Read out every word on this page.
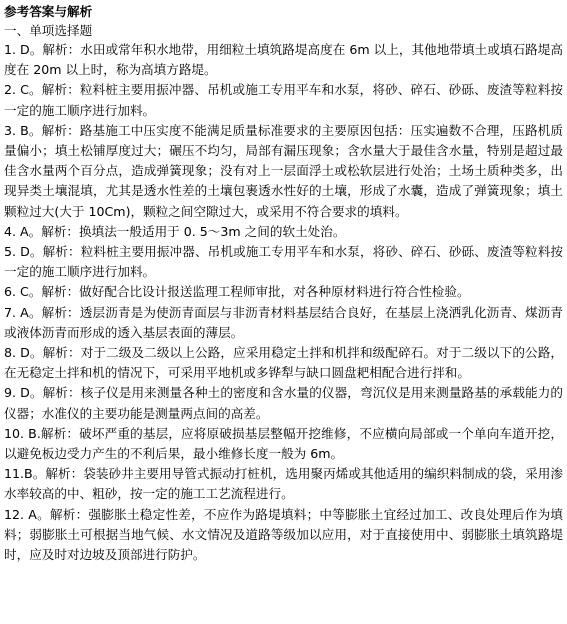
参考答案与解析
一、单项选择题

1. D。解析：水田或常年积水地带，用细粒土填筑路堤高度在 6m 以上，其他地带填土或填石路堤高度在 20m 以上时，称为高填方路堤。

2. C。解析：粒料桩主要用振冲器、吊机或施工专用平车和水泵，将砂、碎石、砂砾、废渣等粒料按一定的施工顺序进行加料。

3. B。解析：路基施工中压实度不能满足质量标准要求的主要原因包括：压实遍数不合理，压路机质量偏小；填土松铺厚度过大；碾压不均匀，局部有漏压现象；含水量大于最佳含水量，特别是超过最佳含水量两个百分点，造成弹簧现象；没有对上一层面浮土或松软层进行处治；土场土质种类多，出现异类土壤混填，尤其是透水性差的土壤包裹透水性好的土壤，形成了水囊，造成了弹簧现象；填土颗粒过大(大于 10Cm)，颗粒之间空隙过大，或采用不符合要求的填料。

4. A。解析：换填法一般适用于 0. 5～3m 之间的软土处治。

5. D。解析：粒料桩主要用振冲器、吊机或施工专用平车和水泵，将砂、碎石、砂砾、废渣等粒料按一定的施工顺序进行加料。

6. C。解析：做好配合比设计报送监理工程师审批，对各种原材料进行符合性检验。

7. A。解析：透层沥青是为使沥青面层与非沥青材料基层结合良好，在基层上浇洒乳化沥青、煤沥青或液体沥青而形成的透入基层表面的薄层。

8. D。解析：对于二级及二级以上公路，应采用稳定土拌和机拌和级配碎石。对于二级以下的公路，在无稳定土拌和机的情况下，可采用平地机或多铧犁与缺口圆盘耙相配合进行拌和。

9. D。解析：核子仪是用来测量各种土的密度和含水量的仪器，弯沉仪是用来测量路基的承载能力的仪器；水准仪的主要功能是测量两点间的高差。

10. B.解析：破坏严重的基层，应将原破损基层整幅开挖维修，不应横向局部或一个单向车道开挖，以避免板边受力产生的不利后果，最小维修长度一般为 6m。

11.B。解析：袋装砂井主要用导管式振动打桩机，选用聚丙烯或其他适用的编织料制成的袋，采用渗水率较高的中、粗砂，按一定的施工工艺流程进行。

12. A。解析：强膨胀土稳定性差，不应作为路堤填料；中等膨胀土宜经过加工、改良处理后作为填料；弱膨胀土可根据当地气候、水文情况及道路等级加以应用，对于直接使用中、弱膨胀土填筑路堤时，应及时对边坡及顶部进行防护。
